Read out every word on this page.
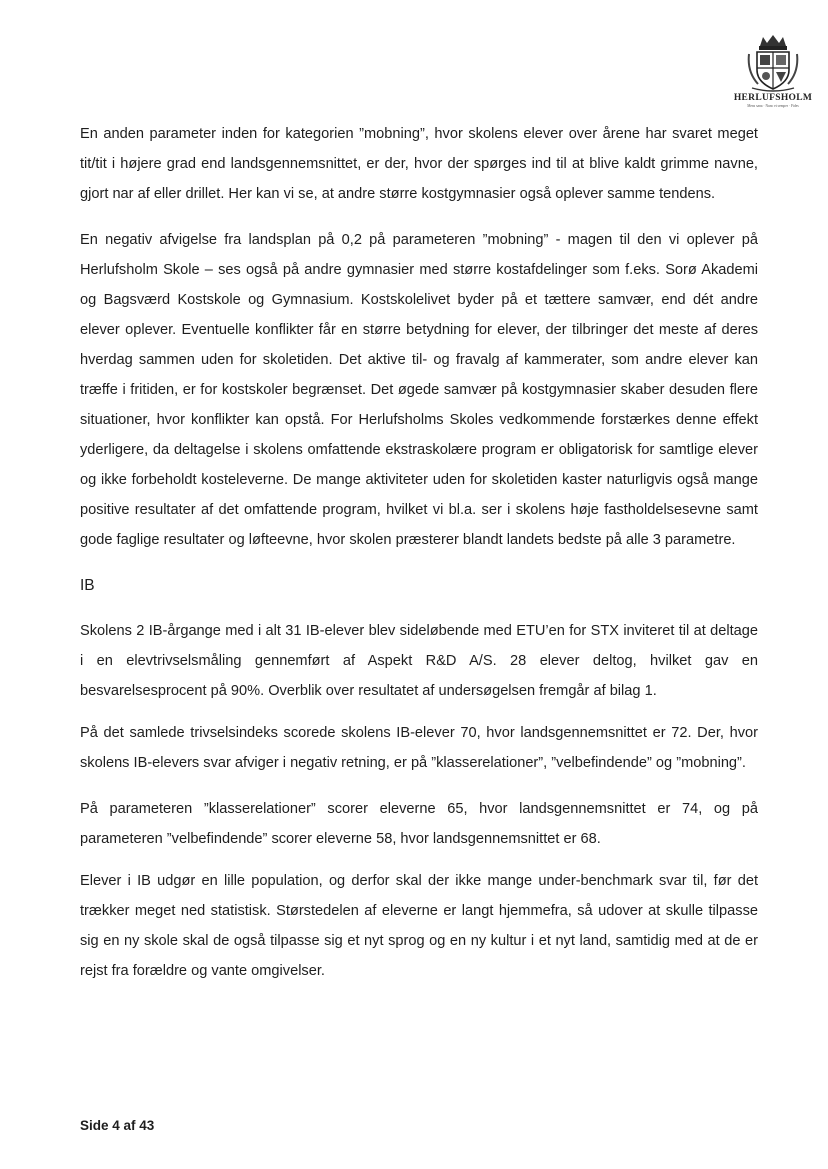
HERLUFSHOLM
Mens sana · Nunc et semper · Fides

En anden parameter inden for kategorien ”mobning”, hvor skolens elever over årene har svaret meget tit/tit i højere grad end landsgennemsnittet, er der, hvor der spørges ind til at blive kaldt grimme navne, gjort nar af eller drillet. Her kan vi se, at andre større kostgymnasier også oplever samme tendens.

En negativ afvigelse fra landsplan på 0,2 på parameteren ”mobning” - magen til den vi oplever på Herlufsholm Skole – ses også på andre gymnasier med større kostafdelinger som f.eks. Sorø Akademi og Bagsværd Kostskole og Gymnasium. Kostskolelivet byder på et tættere samvær, end dét andre elever oplever. Eventuelle konflikter får en større betydning for elever, der tilbringer det meste af deres hverdag sammen uden for skoletiden. Det aktive til- og fravalg af kammerater, som andre elever kan træffe i fritiden, er for kostskoler begrænset. Det øgede samvær på kostgymnasier skaber desuden flere situationer, hvor konflikter kan opstå. For Herlufsholms Skoles vedkommende forstærkes denne effekt yderligere, da deltagelse i skolens omfattende ekstraskolære program er obligatorisk for samtlige elever og ikke forbeholdt kosteleverne. De mange aktiviteter uden for skoletiden kaster naturligvis også mange positive resultater af det omfattende program, hvilket vi bl.a. ser i skolens høje fastholdelsesevne samt gode faglige resultater og løfteevne, hvor skolen præsterer blandt landets bedste på alle 3 parametre.

IB

Skolens 2 IB-årgange med i alt 31 IB-elever blev sideløbende med ETU’en for STX inviteret til at deltage i en elevtrivselsmåling gennemført af Aspekt R&D A/S. 28 elever deltog, hvilket gav en besvarelsesprocent på 90%. Overblik over resultatet af undersøgelsen fremgår af bilag 1.

På det samlede trivselsindeks scorede skolens IB-elever 70, hvor landsgennemsnittet er 72. Der, hvor skolens IB-elevers svar afviger i negativ retning, er på ”klasserelationer”, ”velbefindende” og ”mobning”.

På parameteren ”klasserelationer” scorer eleverne 65, hvor landsgennemsnittet er 74, og på parameteren ”velbefindende” scorer eleverne 58, hvor landsgennemsnittet er 68.

Elever i IB udgør en lille population, og derfor skal der ikke mange under-benchmark svar til, før det trækker meget ned statistisk. Størstedelen af eleverne er langt hjemmefra, så udover at skulle tilpasse sig en ny skole skal de også tilpasse sig et nyt sprog og en ny kultur i et nyt land, samtidig med at de er rejst fra forældre og vante omgivelser.

Side 4 af 43
